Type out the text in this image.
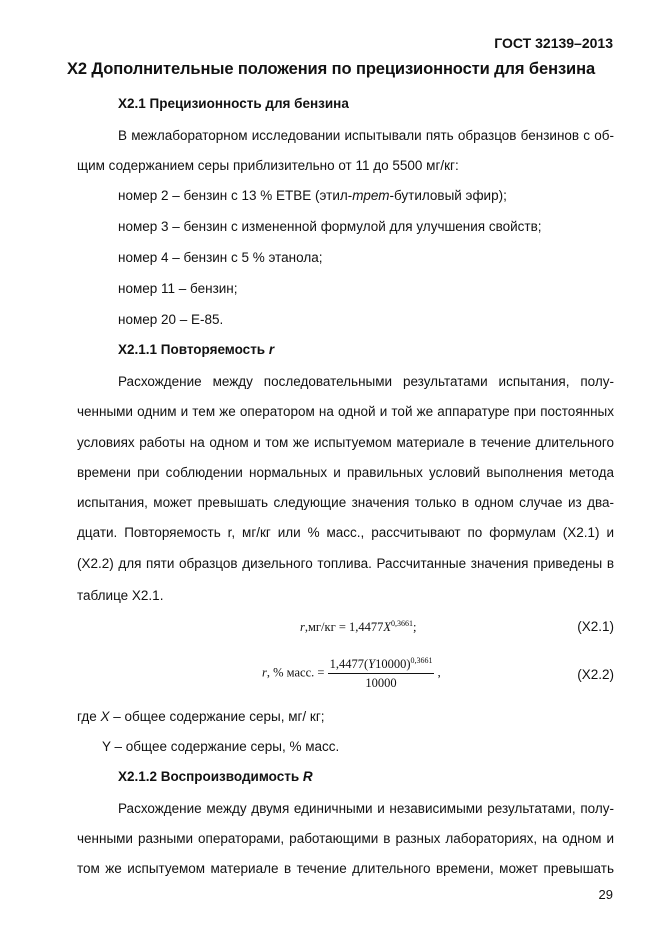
ГОСТ 32139–2013
Х2 Дополнительные положения по прецизионности для бензина
Х2.1 Прецизионность для бензина
В межлабораторном исследовании испытывали пять образцов бензинов с об-
щим содержанием серы приблизительно от 11 до 5500 мг/кг:
номер 2 – бензин с 13 % ЕТВЕ (этил-трет-бутиловый эфир);
номер 3 – бензин с измененной формулой для улучшения свойств;
номер 4 – бензин с 5 % этанола;
номер 11 – бензин;
номер 20 – Е-85.
Х2.1.1 Повторяемость r
Расхождение между последовательными результатами испытания, полу-
ченными одним и тем же оператором на одной и той же аппаратуре при постоянных
условиях работы на одном и том же испытуемом материале в течение длительного
времени при соблюдении нормальных и правильных условий выполнения метода
испытания, может превышать следующие значения только в одном случае из два-
дцати. Повторяемость r, мг/кг или % масс., рассчитывают по формулам (Х2.1) и
(Х2.2) для пяти образцов дизельного топлива. Рассчитанные значения приведены в
таблице Х2.1.
$r,мг/кг = 1,4477X^{0,3661}$;	(Х2.1)
r, % масс. = $\frac{1,4477(Y10000)^{0,3661}}{10000}$ ,	(Х2.2)
где X – общее содержание серы, мг/ кг;
Y – общее содержание серы, % масс.
Х2.1.2 Воспроизводимость R
Расхождение между двумя единичными и независимыми результатами, полу-
ченными разными операторами, работающими в разных лабораториях, на одном и
том же испытуемом материале в течение длительного времени, может превышать
29
